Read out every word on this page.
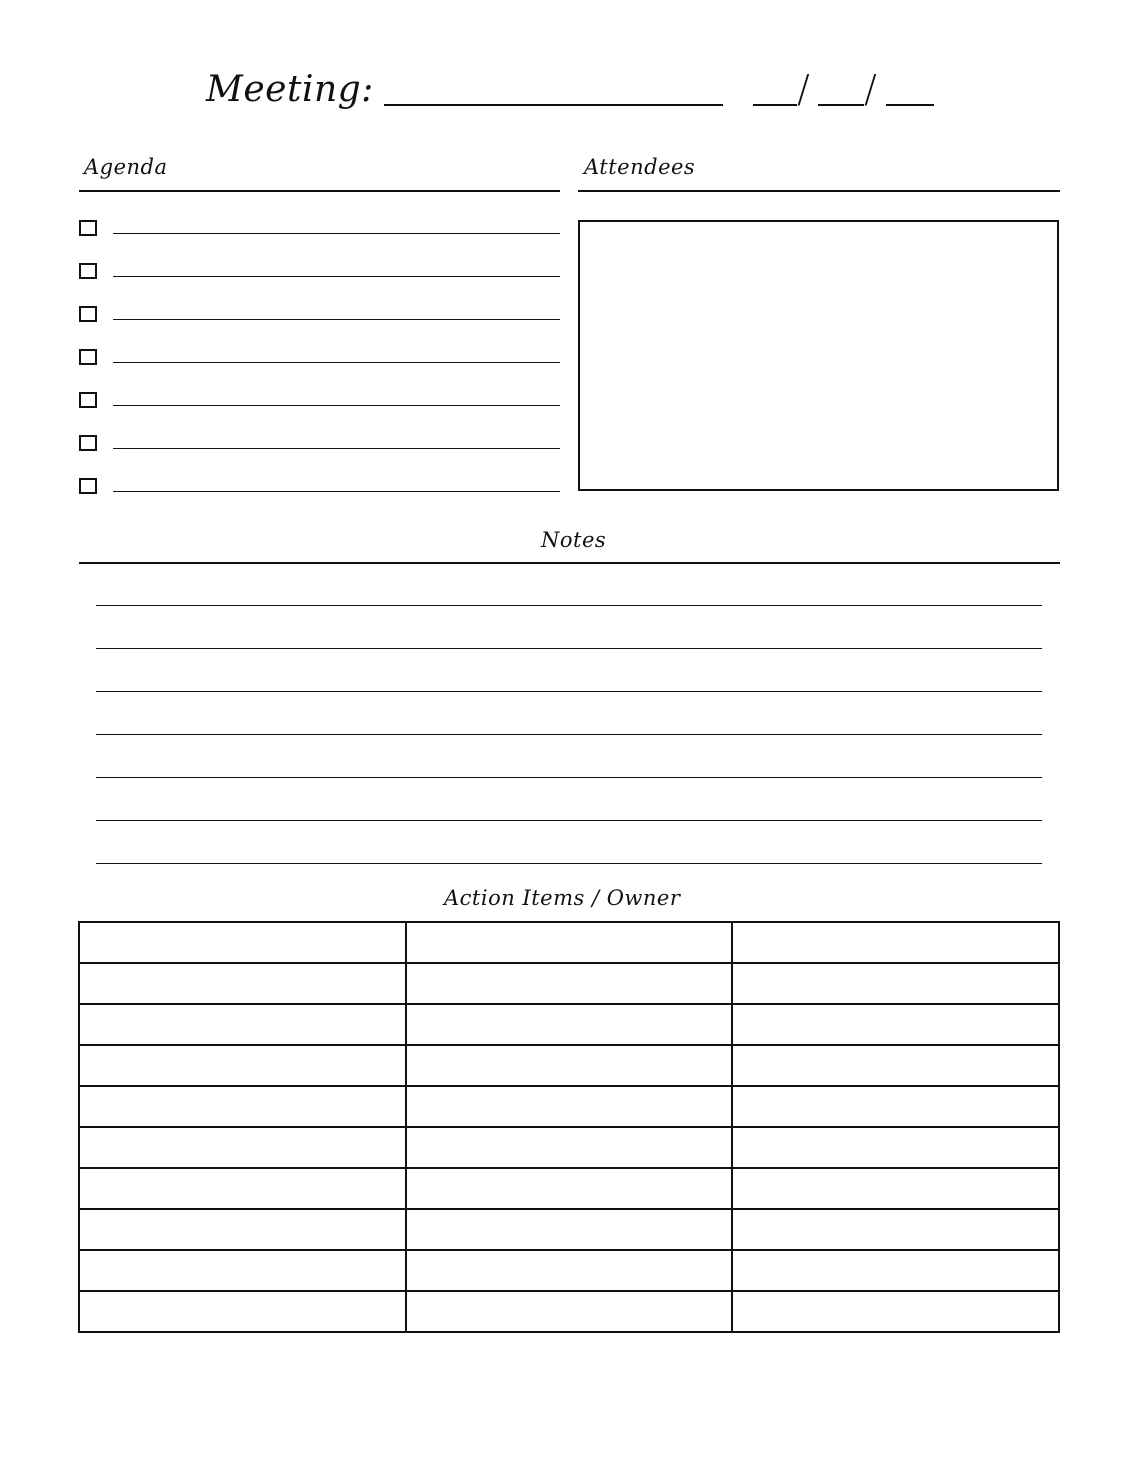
Meeting:	/ /
Agenda	Attendees
Notes
Action Items / Owner
